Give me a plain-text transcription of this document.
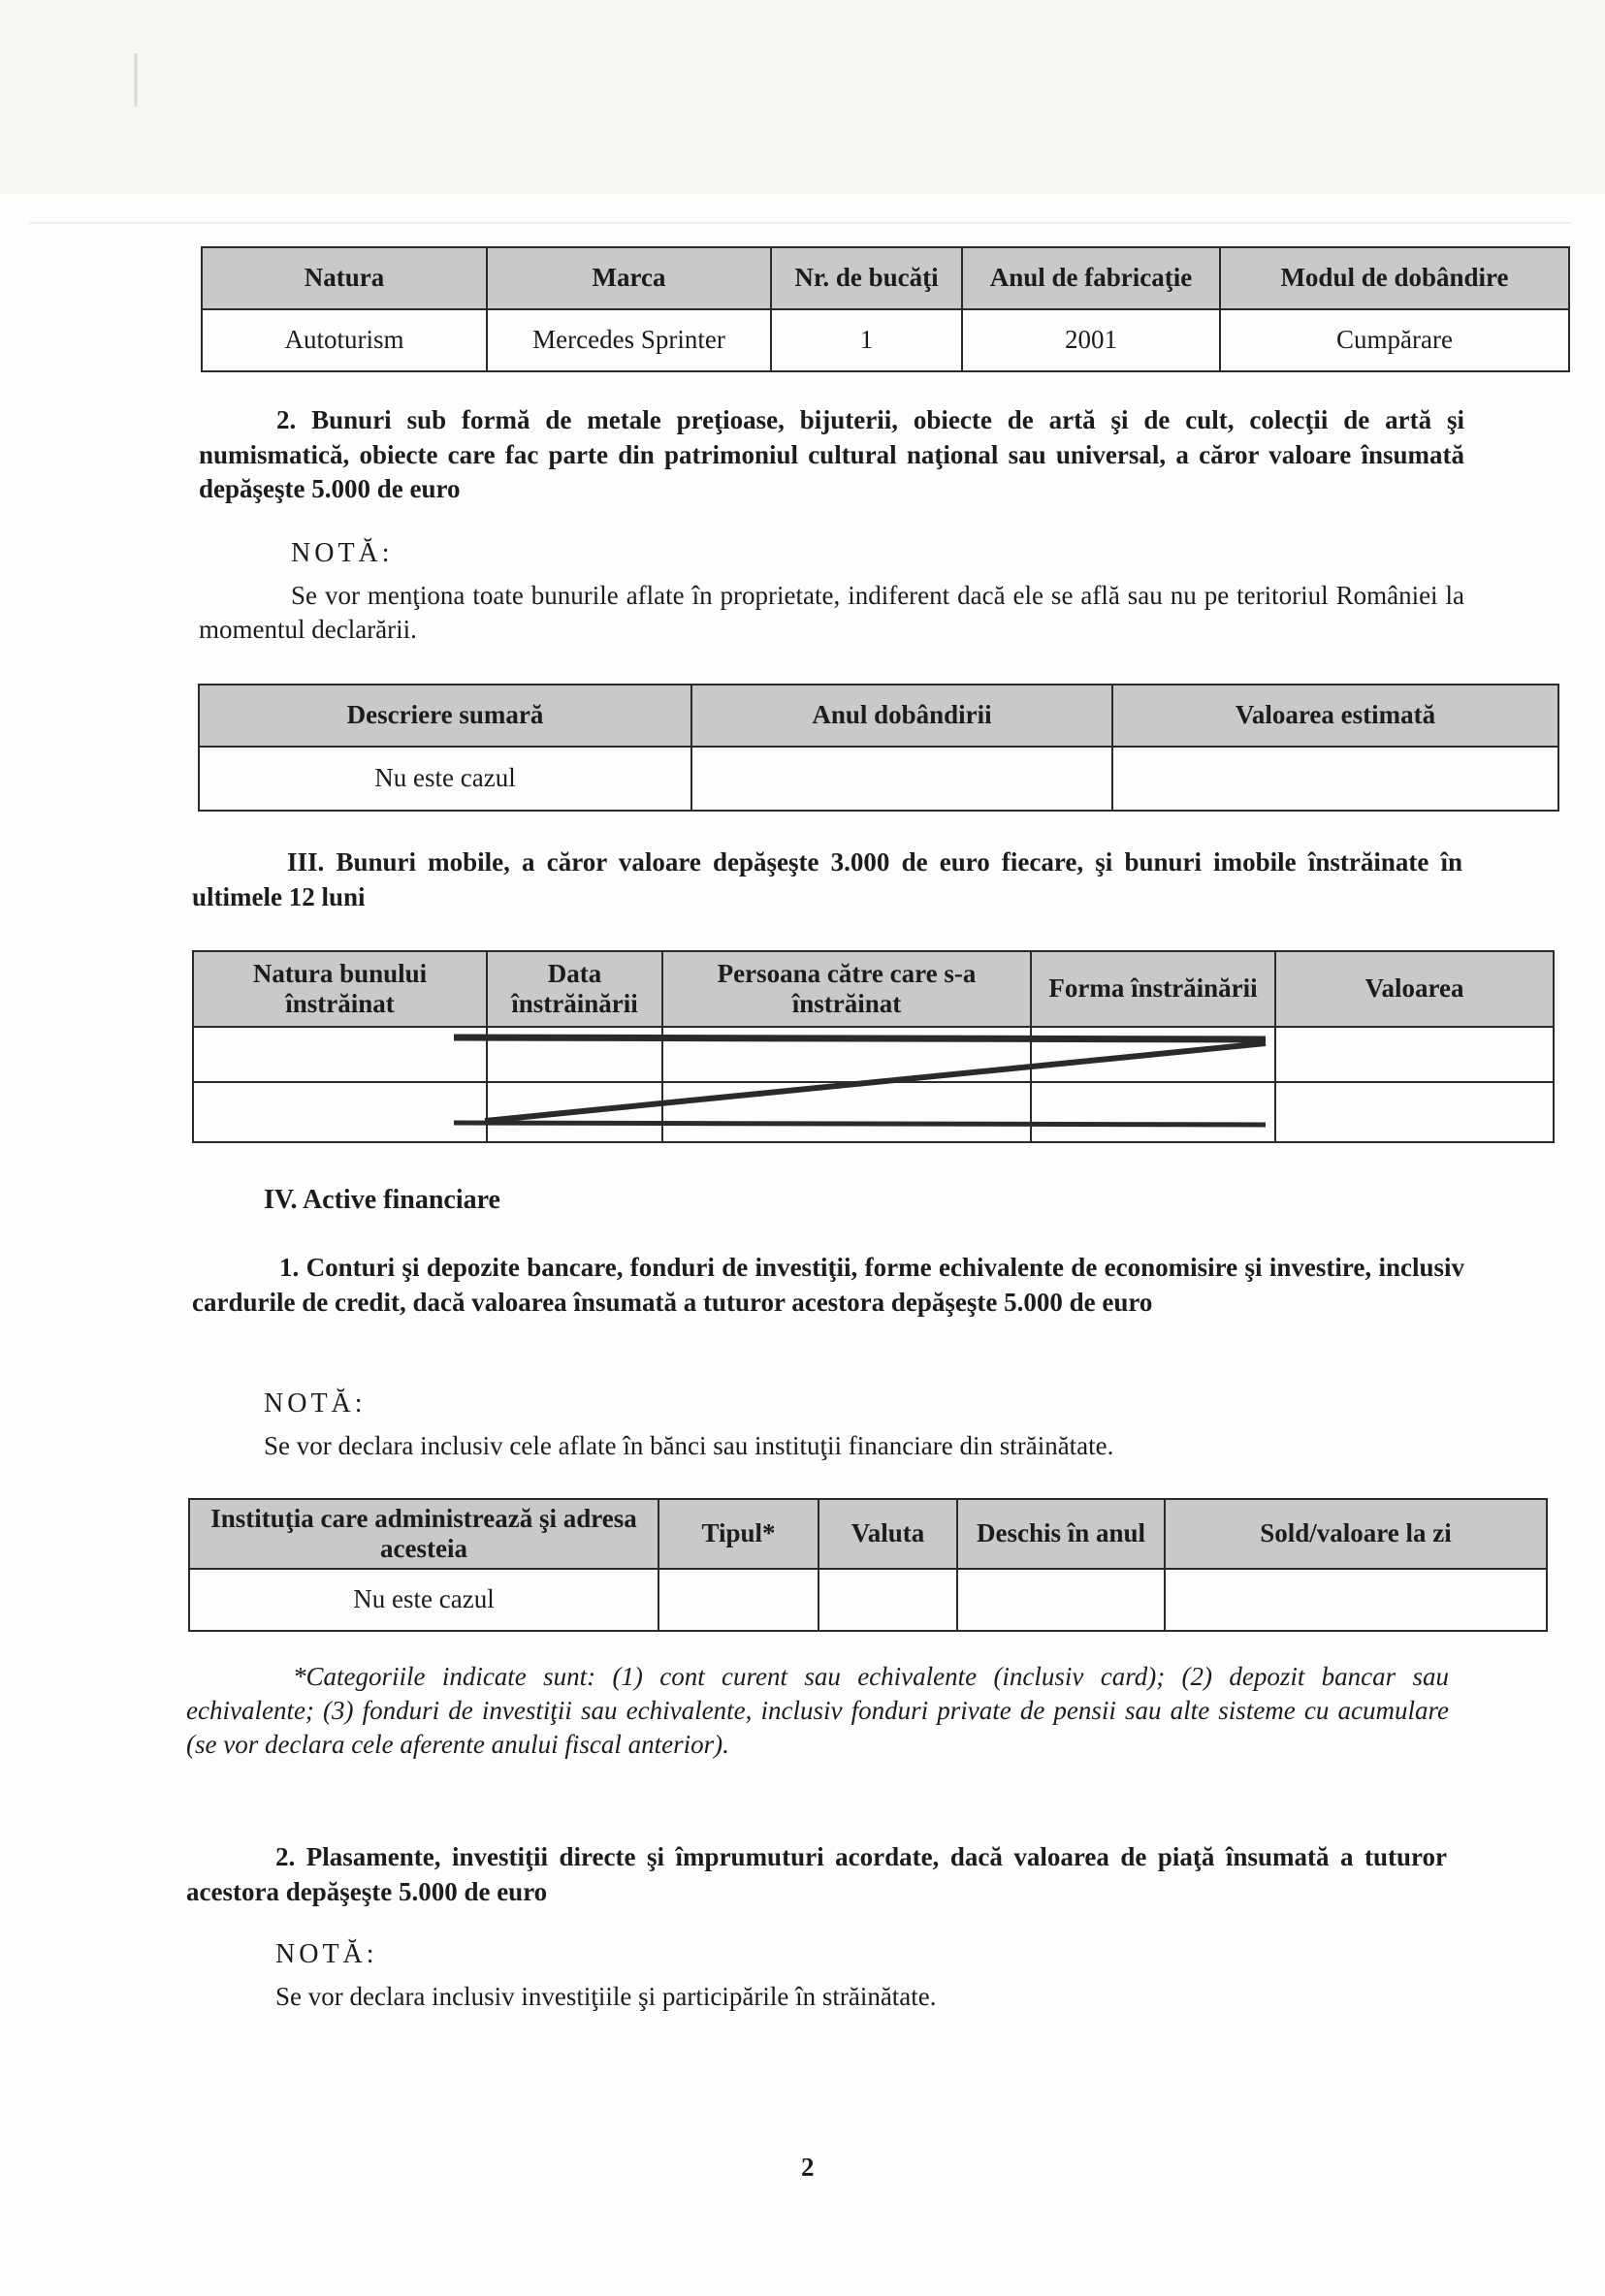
Natura	Marca	Nr. de bucăţi	Anul de fabricaţie	Modul de dobândire
Autoturism	Mercedes Sprinter	1	2001	Cumpărare
2. Bunuri sub formă de metale preţioase, bijuterii, obiecte de artă şi de cult, colecţii de artă şi numismatică, obiecte care fac parte din patrimoniul cultural naţional sau universal, a căror valoare însumată depăşeşte 5.000 de euro
NOTĂ:
Se vor menţiona toate bunurile aflate în proprietate, indiferent dacă ele se află sau nu pe teritoriul României la momentul declarării.
Descriere sumară	Anul dobândirii	Valoarea estimată
Nu este cazul		
III. Bunuri mobile, a căror valoare depăşeşte 3.000 de euro fiecare, şi bunuri imobile înstrăinate în ultimele 12 luni
Natura bunului înstrăinat	Data înstrăinării	Persoana către care s-a înstrăinat	Forma înstrăinării	Valoarea

IV. Active financiare
1. Conturi şi depozite bancare, fonduri de investiţii, forme echivalente de economisire şi investire, inclusiv cardurile de credit, dacă valoarea însumată a tuturor acestora depăşeşte 5.000 de euro
NOTĂ:
Se vor declara inclusiv cele aflate în bănci sau instituţii financiare din străinătate.
Instituţia care administrează şi adresa acesteia	Tipul*	Valuta	Deschis în anul	Sold/valoare la zi
Nu este cazul				
*Categoriile indicate sunt: (1) cont curent sau echivalente (inclusiv card); (2) depozit bancar sau echivalente; (3) fonduri de investiţii sau echivalente, inclusiv fonduri private de pensii sau alte sisteme cu acumulare (se vor declara cele aferente anului fiscal anterior).
2. Plasamente, investiţii directe şi împrumuturi acordate, dacă valoarea de piaţă însumată a tuturor acestora depăşeşte 5.000 de euro
NOTĂ:
Se vor declara inclusiv investiţiile şi participările în străinătate.
2
